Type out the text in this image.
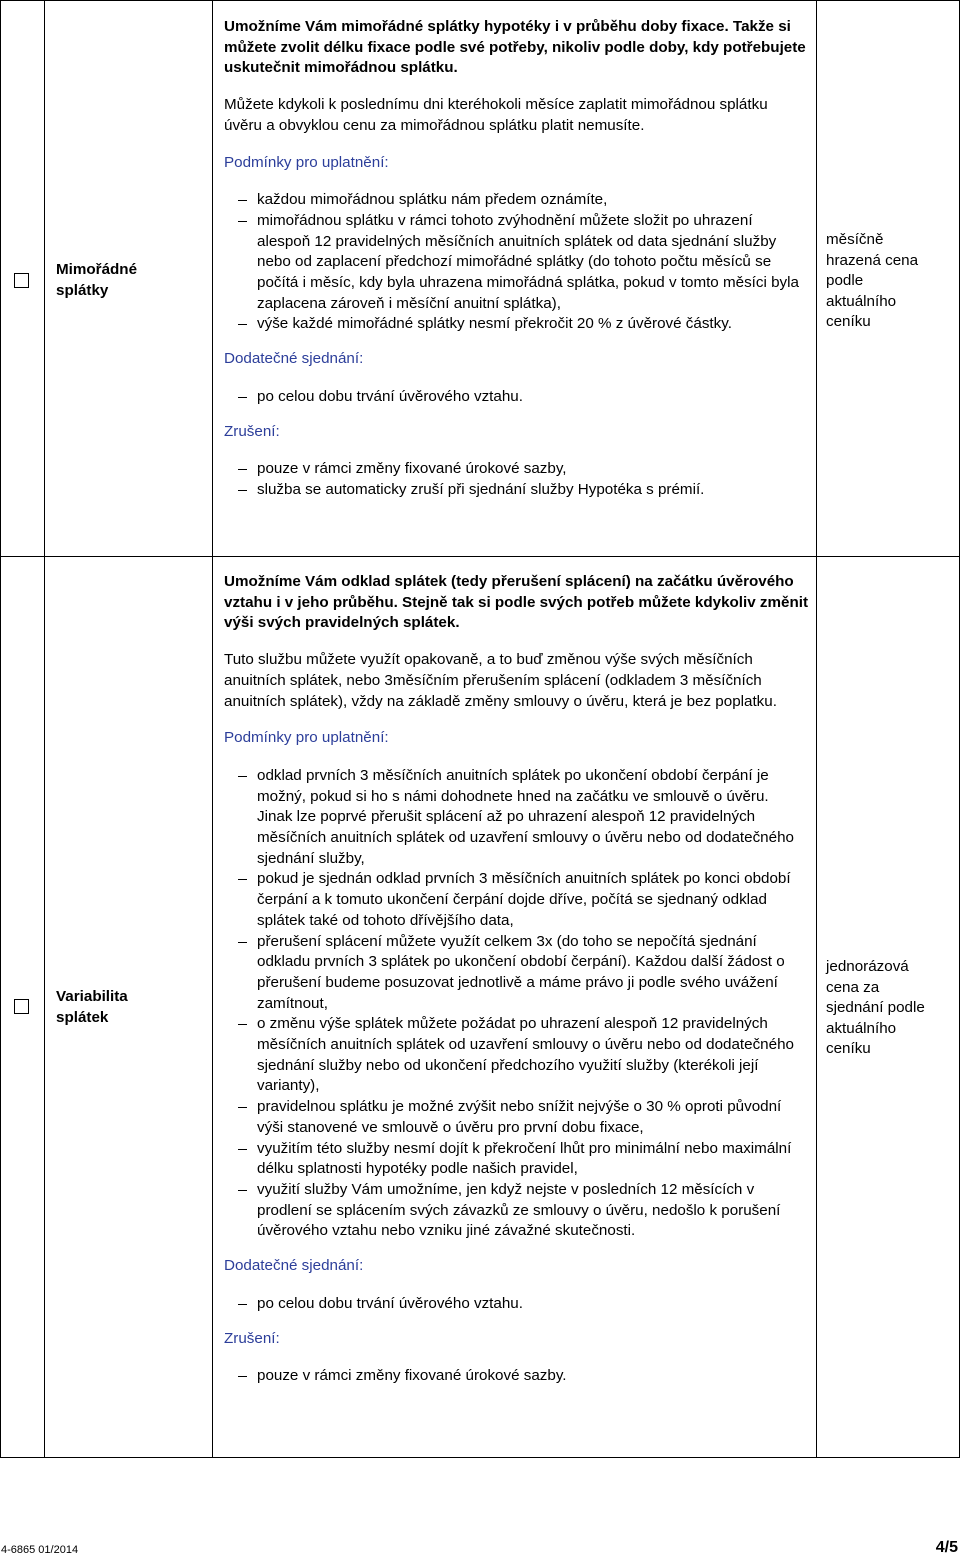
Mimořádné
splátky
měsíčně
hrazená cena
podle
aktuálního
ceníku

Umožníme Vám mimořádné splátky hypotéky i v průběhu doby fixace. Takže si můžete zvolit délku fixace podle své potřeby, nikoliv podle doby, kdy potřebujete uskutečnit mimořádnou splátku.

Můžete kdykoli k poslednímu dni kteréhokoli měsíce zaplatit mimořádnou splátku úvěru a obvyklou cenu za mimořádnou splátku platit nemusíte.

Podmínky pro uplatnění:

každou mimořádnou splátku nám předem oznámíte,
mimořádnou splátku v rámci tohoto zvýhodnění můžete složit po uhrazení alespoň 12 pravidelných měsíčních anuitních splátek od data sjednání služby nebo od zaplacení předchozí mimořádné splátky (do tohoto počtu měsíců se počítá i měsíc, kdy byla uhrazena mimořádná splátka, pokud v tomto měsíci byla zaplacena zároveň i měsíční anuitní splátka),
výše každé mimořádné splátky nesmí překročit 20 % z úvěrové částky.

Dodatečné sjednání:

po celou dobu trvání úvěrového vztahu.

Zrušení:

pouze v rámci změny fixované úrokové sazby,
služba se automaticky zruší při sjednání služby Hypotéka s prémií.
Variabilita
splátek
jednorázová
cena za
sjednání podle
aktuálního
ceníku

Umožníme Vám odklad splátek (tedy přerušení splácení) na začátku úvěrového vztahu i v jeho průběhu. Stejně tak si podle svých potřeb můžete kdykoliv změnit výši svých pravidelných splátek.

Tuto službu můžete využít opakovaně, a to buď změnou výše svých měsíčních anuitních splátek, nebo 3měsíčním přerušením splácení (odkladem 3 měsíčních anuitních splátek), vždy na základě změny smlouvy o úvěru, která je bez poplatku.

Podmínky pro uplatnění:

odklad prvních 3 měsíčních anuitních splátek po ukončení období čerpání je možný, pokud si ho s námi dohodnete hned na začátku ve smlouvě o úvěru. Jinak lze poprvé přerušit splácení až po uhrazení alespoň 12 pravidelných měsíčních anuitních splátek od uzavření smlouvy o úvěru nebo od dodatečného sjednání služby,
pokud je sjednán odklad prvních 3 měsíčních anuitních splátek po konci období čerpání a k tomuto ukončení čerpání dojde dříve, počítá se sjednaný odklad splátek také od tohoto dřívějšího data,
přerušení splácení můžete využít celkem 3x (do toho se nepočítá sjednání odkladu prvních 3 splátek po ukončení období čerpání). Každou další žádost o přerušení budeme posuzovat jednotlivě a máme právo ji podle svého uvážení zamítnout,
o změnu výše splátek můžete požádat po uhrazení alespoň 12 pravidelných měsíčních anuitních splátek od uzavření smlouvy o úvěru nebo od dodatečného sjednání služby nebo od ukončení předchozího využití služby (kterékoli její varianty),
pravidelnou splátku je možné zvýšit nebo snížit nejvýše o 30 % oproti původní výši stanovené ve smlouvě o úvěru pro první dobu fixace,
využitím této služby nesmí dojít k překročení lhůt pro minimální nebo maximální délku splatnosti hypotéky podle našich pravidel,
využití služby Vám umožníme, jen když nejste v posledních 12 měsících v prodlení se splácením svých závazků ze smlouvy o úvěru, nedošlo k porušení úvěrového vztahu nebo vzniku jiné závažné skutečnosti.

Dodatečné sjednání:

po celou dobu trvání úvěrového vztahu.

Zrušení:

pouze v rámci změny fixované úrokové sazby.
4-6865 01/2014	4/5
